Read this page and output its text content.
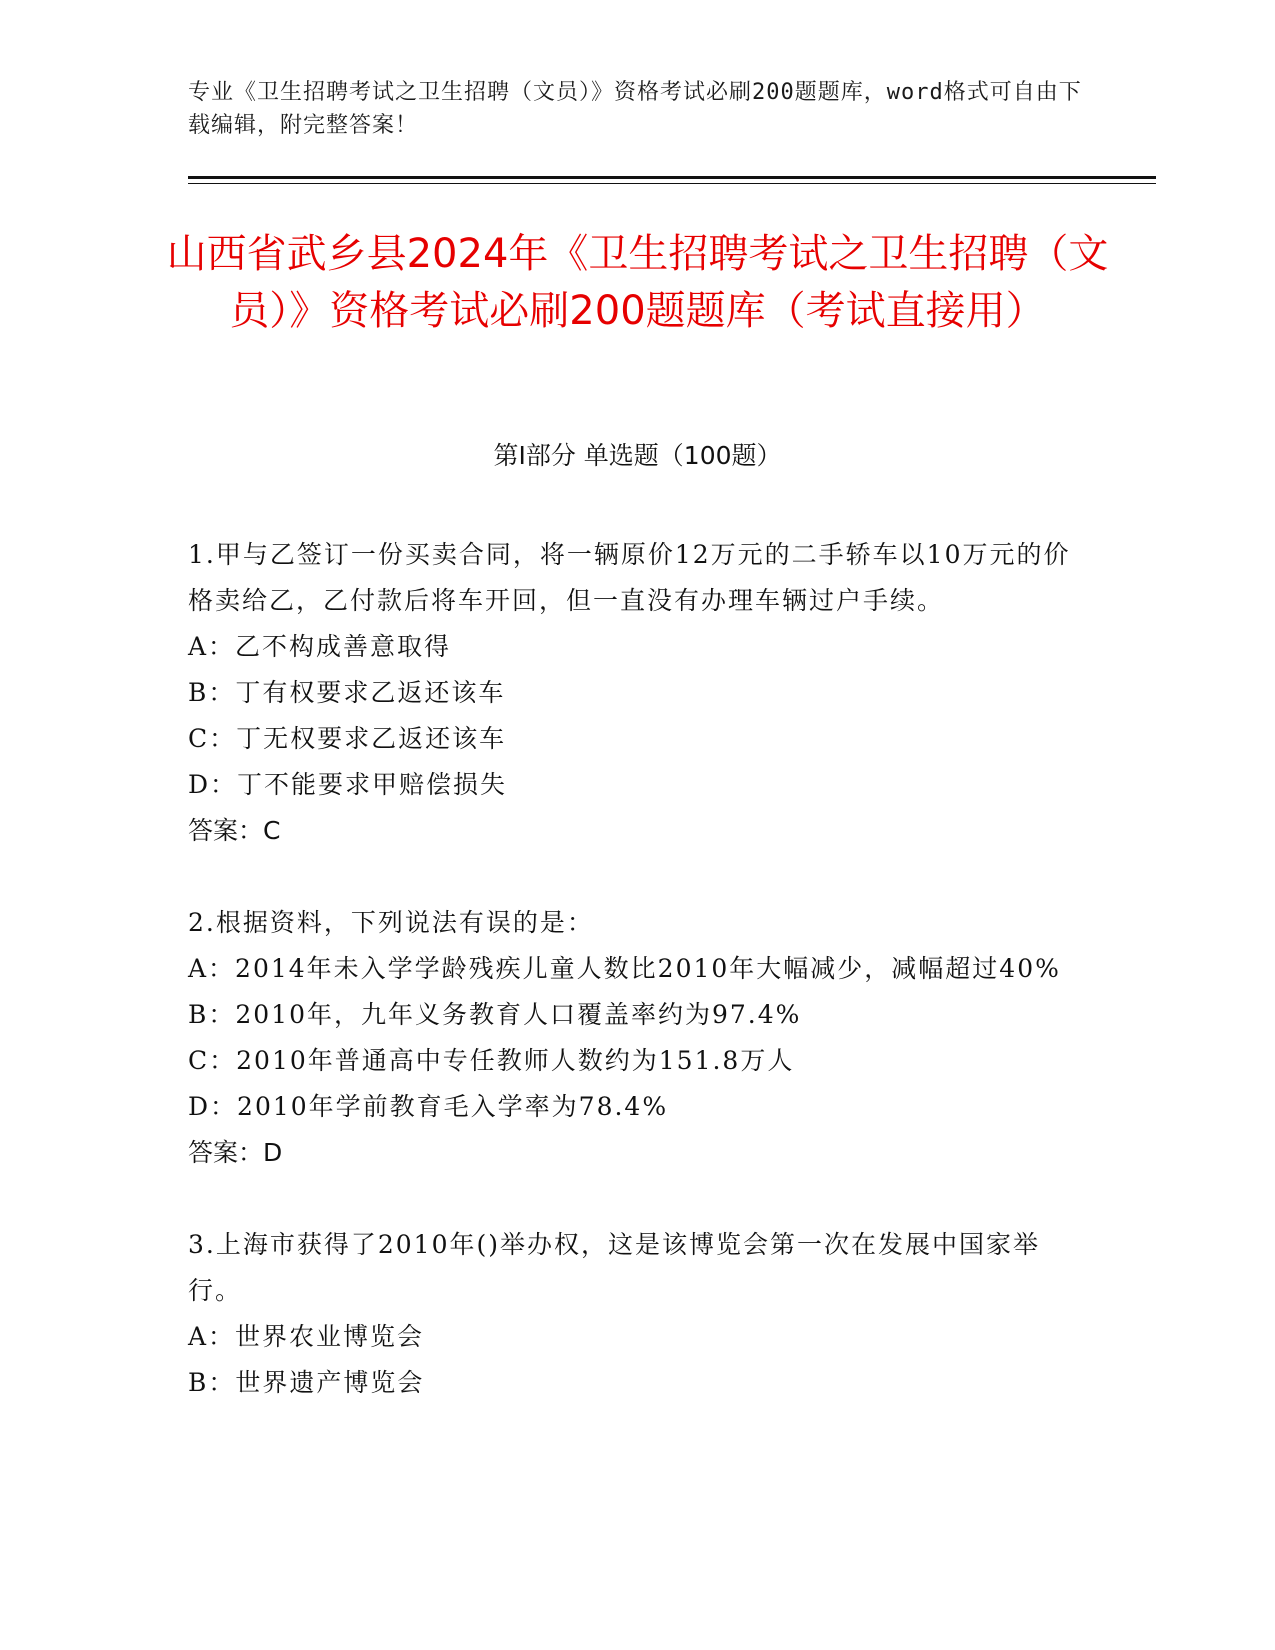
专业《卫生招聘考试之卫生招聘（文员）》资格考试必刷200题题库，word格式可自由下载编辑，附完整答案！
山西省武乡县2024年《卫生招聘考试之卫生招聘（文员）》资格考试必刷200题题库（考试直接用）
第Ⅰ部分 单选题（100题）
1.甲与乙签订一份买卖合同，将一辆原价12万元的二手轿车以10万元的价格卖给乙，乙付款后将车开回，但一直没有办理车辆过户手续。
A：乙不构成善意取得
B：丁有权要求乙返还该车
C：丁无权要求乙返还该车
D：丁不能要求甲赔偿损失
答案：C
2.根据资料，下列说法有误的是：
A：2014年未入学学龄残疾儿童人数比2010年大幅减少，减幅超过40%
B：2010年，九年义务教育人口覆盖率约为97.4%
C：2010年普通高中专任教师人数约为151.8万人
D：2010年学前教育毛入学率为78.4%
答案：D
3.上海市获得了2010年()举办权，这是该博览会第一次在发展中国家举行。
A：世界农业博览会
B：世界遗产博览会
